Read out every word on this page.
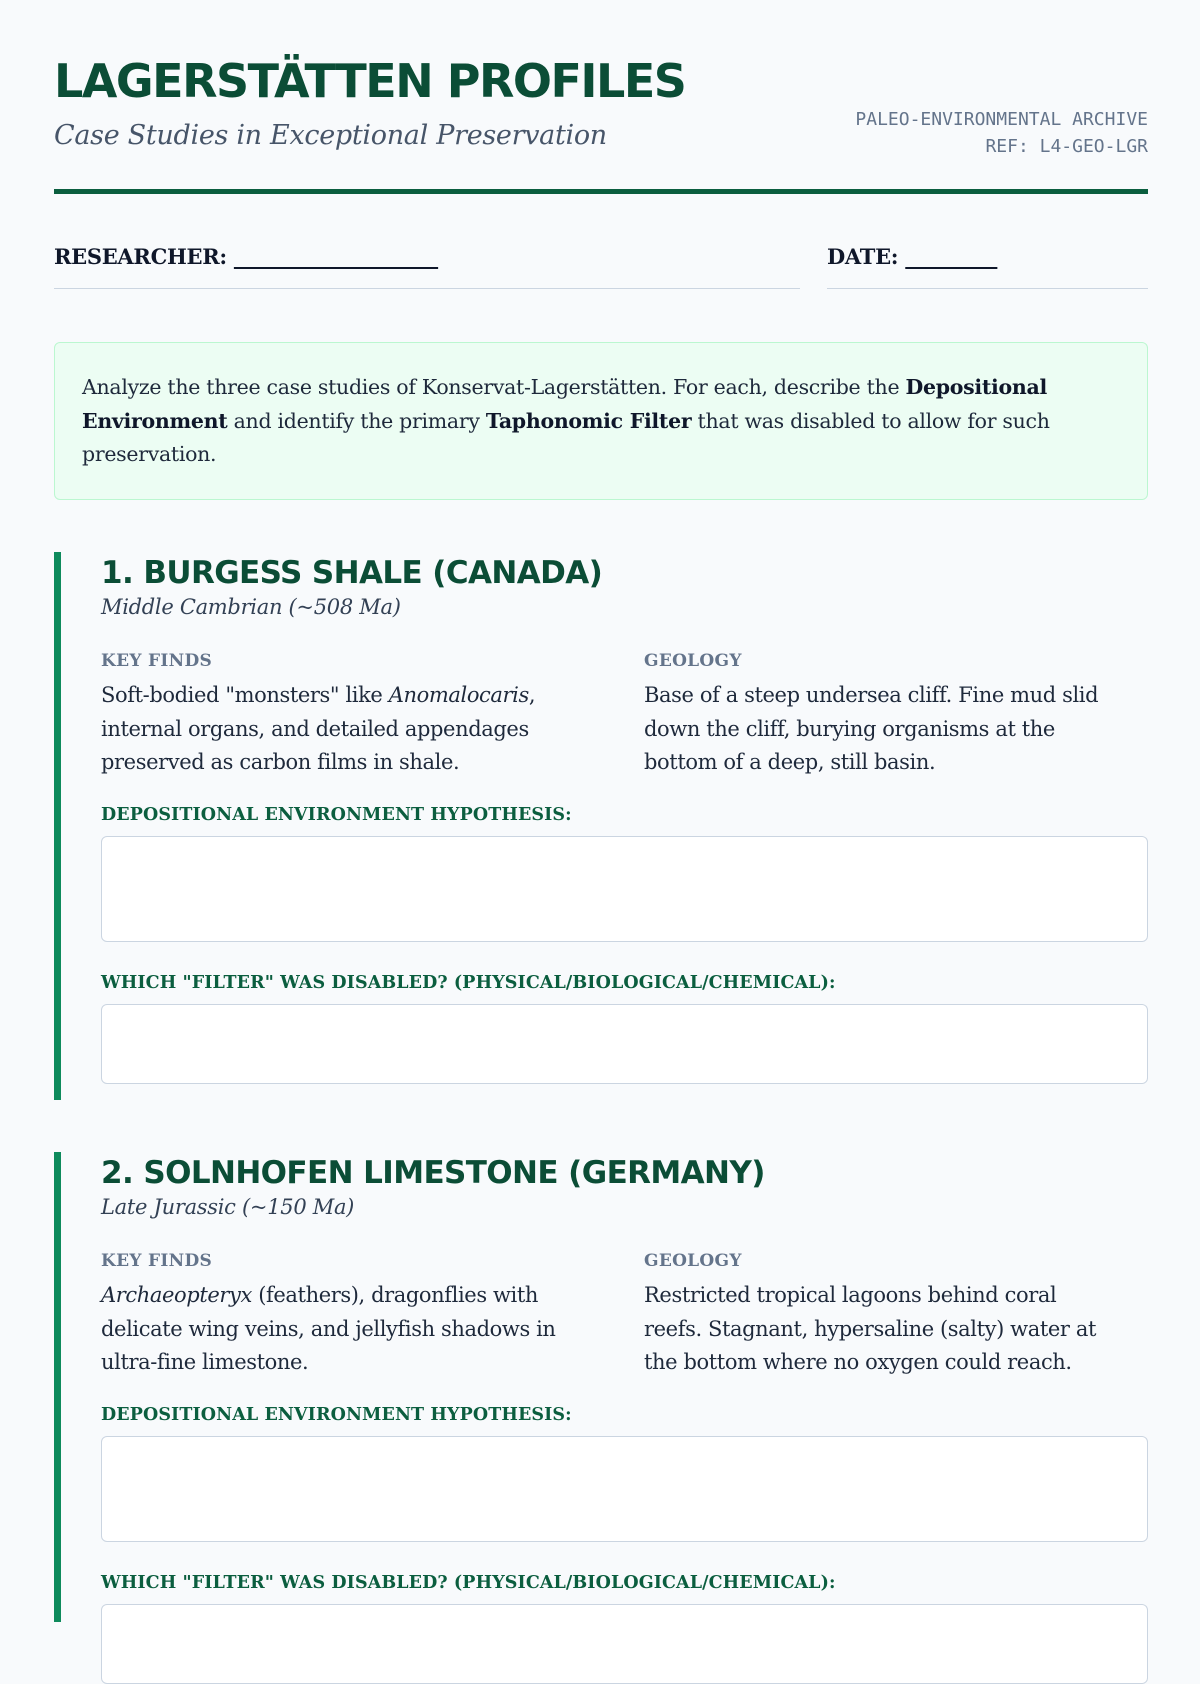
LAGERSTÄTTEN PROFILES
Case Studies in Exceptional Preservation
PALEO-ENVIRONMENTAL ARCHIVE
REF: L4-GEO-LGR
RESEARCHER: ____________________	DATE: _________
Analyze the three case studies of Konservat-Lagerstätten. For each, describe the Depositional Environment and identify the primary Taphonomic Filter that was disabled to allow for such preservation.
1. BURGESS SHALE (CANADA)
Middle Cambrian (~508 Ma)
KEY FINDS
Soft-bodied "monsters" like Anomalocaris, internal organs, and detailed appendages preserved as carbon films in shale.
GEOLOGY
Base of a steep undersea cliff. Fine mud slid down the cliff, burying organisms at the bottom of a deep, still basin.
DEPOSITIONAL ENVIRONMENT HYPOTHESIS:
WHICH "FILTER" WAS DISABLED? (PHYSICAL/BIOLOGICAL/CHEMICAL):
2. SOLNHOFEN LIMESTONE (GERMANY)
Late Jurassic (~150 Ma)
KEY FINDS
Archaeopteryx (feathers), dragonflies with delicate wing veins, and jellyfish shadows in ultra-fine limestone.
GEOLOGY
Restricted tropical lagoons behind coral reefs. Stagnant, hypersaline (salty) water at the bottom where no oxygen could reach.
DEPOSITIONAL ENVIRONMENT HYPOTHESIS:
WHICH "FILTER" WAS DISABLED? (PHYSICAL/BIOLOGICAL/CHEMICAL):
